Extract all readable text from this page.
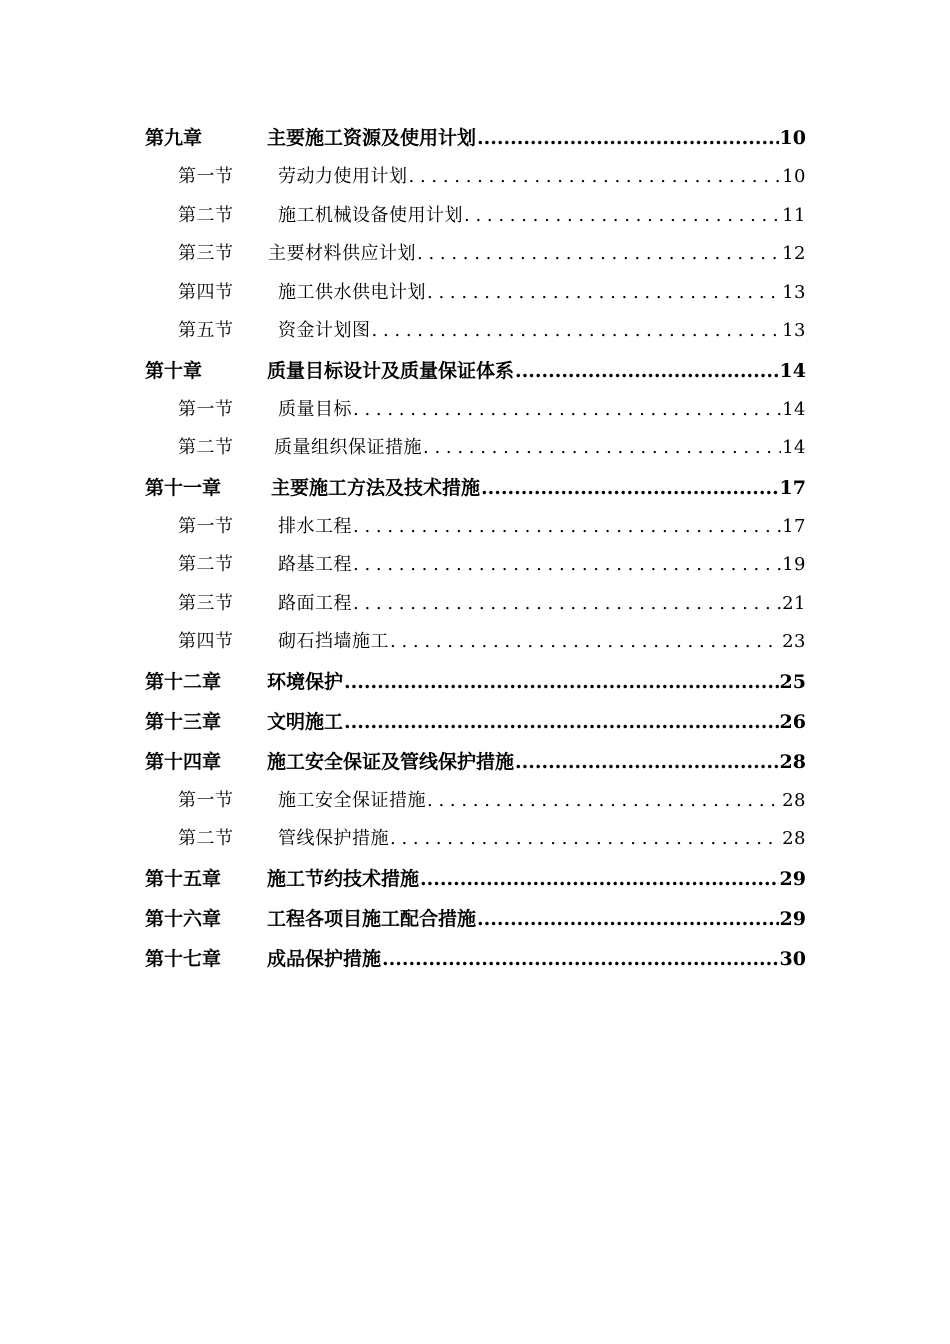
第九章	主要施工资源及使用计划 .....	10
第一节	劳动力使用计划 . . .	10
第二节	施工机械设备使用计划 . . .	11
第三节	主要材料供应计划 . . .	12
第四节	施工供水供电计划 . . .	13
第五节	资金计划图 . . .	13
第十章	质量目标设计及质量保证体系 .....	14
第一节	质量目标 . . .	14
第二节	质量组织保证措施 . . .	14
第十一章	主要施工方法及技术措施 .....	17
第一节	排水工程 . . .	17
第二节	路基工程 . . .	19
第三节	路面工程 . . .	21
第四节	砌石挡墙施工 . . .	23
第十二章	环境保护 .....	25
第十三章	文明施工 .....	26
第十四章	施工安全保证及管线保护措施 .....	28
第一节	施工安全保证措施 . . .	28
第二节	管线保护措施 . . .	28
第十五章	施工节约技术措施 .....	29
第十六章	工程各项目施工配合措施 .....	29
第十七章	成品保护措施 .....	30
